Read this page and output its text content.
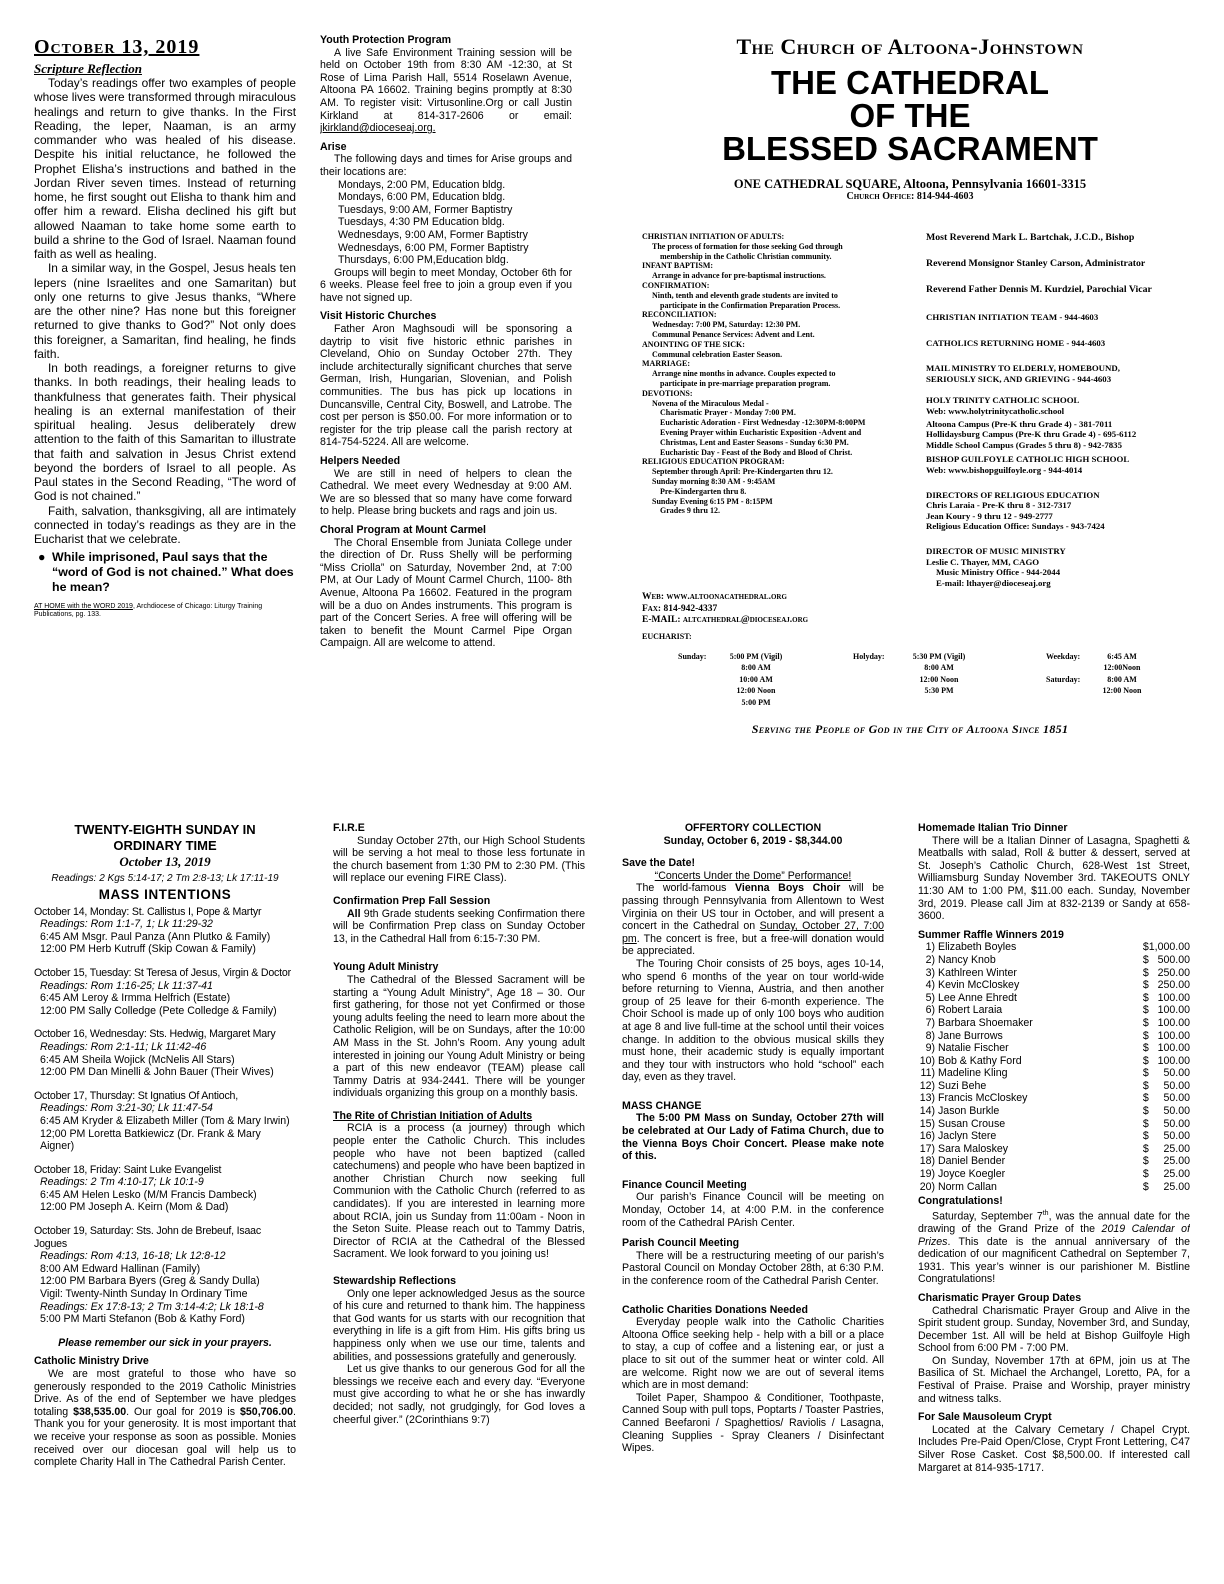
October 13, 2019
Scripture Reflection

Today’s readings offer two examples of people whose lives were transformed through miraculous healings and return to give thanks. In the First Reading, the leper, Naaman, is an army commander who was healed of his disease. Despite his initial reluctance, he followed the Prophet Elisha’s instructions and bathed in the Jordan River seven times. Instead of returning home, he first sought out Elisha to thank him and offer him a reward. Elisha declined his gift but allowed Naaman to take home some earth to build a shrine to the God of Israel. Naaman found faith as well as healing.

In a similar way, in the Gospel, Jesus heals ten lepers (nine Israelites and one Samaritan) but only one returns to give Jesus thanks, “Where are the other nine? Has none but this foreigner returned to give thanks to God?” Not only does this foreigner, a Samaritan, find healing, he finds faith.

In both readings, a foreigner returns to give thanks. In both readings, their healing leads to thankfulness that generates faith. Their physical healing is an external manifestation of their spiritual healing. Jesus deliberately drew attention to the faith of this Samaritan to illustrate that faith and salvation in Jesus Christ extend beyond the borders of Israel to all people. As Paul states in the Second Reading, “The word of God is not chained.”

Faith, salvation, thanksgiving, all are intimately connected in today’s readings as they are in the Eucharist that we celebrate.

● While imprisoned, Paul says that the “word of God is not chained.” What does he mean?
AT HOME with the WORD 2019, Archdiocese of Chicago: Liturgy Training Publications, pg. 133.
Youth Protection Program

A live Safe Environment Training session will be held on October 19th from 8:30 AM -12:30, at St Rose of Lima Parish Hall, 5514 Roselawn Avenue, Altoona PA 16602. Training begins promptly at 8:30 AM. To register visit: Virtusonline.Org or call Justin Kirkland at 814-317-2606 or email: jkirkland@dioceseaj.org.

Arise

The following days and times for Arise groups and their locations are:

Mondays, 2:00 PM, Education bldg.
Mondays, 6:00 PM, Education bldg.
Tuesdays, 9:00 AM, Former Baptistry
Tuesdays, 4:30 PM Education bldg.
Wednesdays, 9:00 AM, Former Baptistry
Wednesdays, 6:00 PM, Former Baptistry
Thursdays, 6:00 PM,Education bldg.

Groups will begin to meet Monday, October 6th for 6 weeks. Please feel free to join a group even if you have not signed up.

Visit Historic Churches

Father Aron Maghsoudi will be sponsoring a daytrip to visit five historic ethnic parishes in Cleveland, Ohio on Sunday October 27th. They include architecturally significant churches that serve German, Irish, Hungarian, Slovenian, and Polish communities. The bus has pick up locations in Duncansville, Central City, Boswell, and Latrobe. The cost per person is $50.00. For more information or to register for the trip please call the parish rectory at 814-754-5224. All are welcome.

Helpers Needed

We are still in need of helpers to clean the Cathedral. We meet every Wednesday at 9:00 AM. We are so blessed that so many have come forward to help. Please bring buckets and rags and join us.

Choral Program at Mount Carmel

The Choral Ensemble from Juniata College under the direction of Dr. Russ Shelly will be performing “Miss Criolla” on Saturday, November 2nd, at 7:00 PM, at Our Lady of Mount Carmel Church, 1100- 8th Avenue, Altoona Pa 16602. Featured in the program will be a duo on Andes instruments. This program is part of the Concert Series. A free will offering will be taken to benefit the Mount Carmel Pipe Organ Campaign. All are welcome to attend.

The Church of Altoona-Johnstown
THE CATHEDRAL
OF THE
BLESSED SACRAMENT
ONE CATHEDRAL SQUARE, Altoona, Pennsylvania 16601-3315
Church Office: 814-944-4603
CHRISTIAN INITIATION OF ADULTS:
The process of formation for those seeking God through
membership in the Catholic Christian community.
INFANT BAPTISM:
Arrange in advance for pre-baptismal instructions.
CONFIRMATION:
Ninth, tenth and eleventh grade students are invited to
participate in the Confirmation Preparation Process.
RECONCILIATION:
Wednesday: 7:00 PM, Saturday: 12:30 PM.
Communal Penance Services: Advent and Lent.
ANOINTING OF THE SICK:
Communal celebration Easter Season.
MARRIAGE:
Arrange nine months in advance. Couples expected to
participate in pre-marriage preparation program.
DEVOTIONS:
Novena of the Miraculous Medal -
Charismatic Prayer - Monday 7:00 PM.
Eucharistic Adoration - First Wednesday -12:30PM-8:00PM
Evening Prayer within Eucharistic Exposition -Advent and
Christmas, Lent and Easter Seasons - Sunday 6:30 PM.
Eucharistic Day - Feast of the Body and Blood of Christ.
RELIGIOUS EDUCATION PROGRAM:
September through April: Pre-Kindergarten thru 12.
Sunday morning 8:30 AM - 9:45AM
Pre-Kindergarten thru 8.
Sunday Evening 6:15 PM - 8:15PM
Grades 9 thru 12.
Web: www.altoonacathedral.org
Fax: 814-942-4337
E-MAIL: altcathedral@dioceseaj.org
Most Reverend Mark L. Bartchak, J.C.D., Bishop
Reverend Monsignor Stanley Carson, Administrator
Reverend Father Dennis M. Kurdziel, Parochial Vicar
CHRISTIAN INITIATION TEAM - 944-4603
CATHOLICS RETURNING HOME - 944-4603
MAIL MINISTRY TO ELDERLY, HOMEBOUND,
SERIOUSLY SICK, AND GRIEVING - 944-4603
HOLY TRINITY CATHOLIC SCHOOL
Web: www.holytrinitycatholic.school
Altoona Campus (Pre-K thru Grade 4) - 381-7011
Hollidaysburg Campus (Pre-K thru Grade 4) - 695-6112
Middle School Campus (Grades 5 thru 8) - 942-7835
BISHOP GUILFOYLE CATHOLIC HIGH SCHOOL
Web: www.bishopguilfoyle.org - 944-4014
DIRECTORS OF RELIGIOUS EDUCATION
Chris Laraia - Pre-K thru 8 - 312-7317
Jean Koury - 9 thru 12 - 949-2777
Religious Education Office: Sundays - 943-7424
DIRECTOR OF MUSIC MINISTRY
Leslie C. Thayer, MM, CAGO
Music Ministry Office - 944-2044
E-mail: lthayer@dioceseaj.org
EUCHARIST:
Sunday:	5:00 PM (Vigil)
8:00 AM
10:00 AM
12:00 Noon
5:00 PM
Holyday:	5:30 PM (Vigil)
8:00 AM
12:00 Noon
5:30 PM
Weekday:	6:45 AM
12:00Noon
Saturday:	8:00 AM
12:00 Noon
Serving the People of God in the City of Altoona Since 1851
TWENTY-EIGHTH SUNDAY IN ORDINARY TIME
October 13, 2019
Readings: 2 Kgs 5:14-17; 2 Tm 2:8-13; Lk 17:11-19
MASS INTENTIONS
October 14, Monday: St. Callistus I, Pope & Martyr
Readings: Rom 1:1-7, 1; Lk 11:29-32
6:45 AM Msgr. Paul Panza (Ann Plutko & Family)
12:00 PM Herb Kutruff (Skip Cowan & Family)
October 15, Tuesday: St Teresa of Jesus, Virgin & Doctor
Readings: Rom 1:16-25; Lk 11:37-41
6:45 AM Leroy & Irmma Helfrich (Estate)
12:00 PM Sally Colledge (Pete Colledge & Family)
October 16, Wednesday: Sts. Hedwig, Margaret Mary
Readings: Rom 2:1-11; Lk 11:42-46
6:45 AM Sheila Wojick (McNelis All Stars)
12:00 PM Dan Minelli & John Bauer (Their Wives)
October 17, Thursday: St Ignatius Of Antioch,
Readings: Rom 3:21-30; Lk 11:47-54
6:45 AM Kryder & Elizabeth Miller (Tom & Mary Irwin)
12;00 PM Loretta Batkiewicz (Dr. Frank & Mary Aigner)
October 18, Friday: Saint Luke Evangelist
Readings: 2 Tm 4:10-17; Lk 10:1-9
6:45 AM Helen Lesko (M/M Francis Dambeck)
12:00 PM Joseph A. Keirn (Mom & Dad)
October 19, Saturday: Sts. John de Brebeuf, Isaac Jogues
Readings: Rom 4:13, 16-18; Lk 12:8-12
8:00 AM Edward Hallinan (Family)
12:00 PM Barbara Byers (Greg & Sandy Dulla)
Vigil: Twenty-Ninth Sunday In Ordinary Time
Readings: Ex 17:8-13; 2 Tm 3:14-4:2; Lk 18:1-8
5:00 PM Marti Stefanon (Bob & Kathy Ford)
Please remember our sick in your prayers.
Catholic Ministry Drive

We are most grateful to those who have so generously responded to the 2019 Catholic Ministries Drive. As of the end of September we have pledges totaling $38,535.00. Our goal for 2019 is $50,706.00. Thank you for your generosity. It is most important that we receive your response as soon as possible. Monies received over our diocesan goal will help us to complete Charity Hall in The Cathedral Parish Center.

F.I.R.E

Sunday October 27th, our High School Students will be serving a hot meal to those less fortunate in the church basement from 1:30 PM to 2:30 PM. (This will replace our evening FIRE Class).

Confirmation Prep Fall Session

All 9th Grade students seeking Confirmation there will be Confirmation Prep class on Sunday October 13, in the Cathedral Hall from 6:15-7:30 PM.

Young Adult Ministry

The Cathedral of the Blessed Sacrament will be starting a “Young Adult Ministry”, Age 18 – 30. Our first gathering, for those not yet Confirmed or those young adults feeling the need to learn more about the Catholic Religion, will be on Sundays, after the 10:00 AM Mass in the St. John’s Room. Any young adult interested in joining our Young Adult Ministry or being a part of this new endeavor (TEAM) please call Tammy Datris at 934-2441. There will be younger individuals organizing this group on a monthly basis.

The Rite of Christian Initiation of Adults

RCIA is a process (a journey) through which people enter the Catholic Church. This includes people who have not been baptized (called catechumens) and people who have been baptized in another Christian Church now seeking full Communion with the Catholic Church (referred to as candidates). If you are interested in learning more about RCIA, join us Sunday from 11:00am - Noon in the Seton Suite. Please reach out to Tammy Datris, Director of RCIA at the Cathedral of the Blessed Sacrament. We look forward to you joining us!

Stewardship Reflections

Only one leper acknowledged Jesus as the source of his cure and returned to thank him. The happiness that God wants for us starts with our recognition that everything in life is a gift from Him. His gifts bring us happiness only when we use our time, talents and abilities, and possessions gratefully and generously.

Let us give thanks to our generous God for all the blessings we receive each and every day. “Everyone must give according to what he or she has inwardly decided; not sadly, not grudgingly, for God loves a cheerful giver.” (2Corinthians 9:7)

OFFERTORY COLLECTION
Sunday, October 6, 2019 - $8,344.00
Save the Date!
“Concerts Under the Dome” Performance!

The world-famous Vienna Boys Choir will be passing through Pennsylvania from Allentown to West Virginia on their US tour in October, and will present a concert in the Cathedral on Sunday, October 27, 7:00 pm. The concert is free, but a free-will donation would be appreciated.

The Touring Choir consists of 25 boys, ages 10-14, who spend 6 months of the year on tour world-wide before returning to Vienna, Austria, and then another group of 25 leave for their 6-month experience. The Choir School is made up of only 100 boys who audition at age 8 and live full-time at the school until their voices change. In addition to the obvious musical skills they must hone, their academic study is equally important and they tour with instructors who hold “school” each day, even as they travel.

MASS CHANGE

The 5:00 PM Mass on Sunday, October 27th will be celebrated at Our Lady of Fatima Church, due to the Vienna Boys Choir Concert. Please make note of this.

Finance Council Meeting

Our parish’s Finance Council will be meeting on Monday, October 14, at 4:00 P.M. in the conference room of the Cathedral PArish Center.

Parish Council Meeting

There will be a restructuring meeting of our parish’s Pastoral Council on Monday October 28th, at 6:30 P.M. in the conference room of the Cathedral Parish Center.

Catholic Charities Donations Needed

Everyday people walk into the Catholic Charities Altoona Office seeking help - help with a bill or a place to stay, a cup of coffee and a listening ear, or just a place to sit out of the summer heat or winter cold. All are welcome. Right now we are out of several items which are in most demand:

Toilet Paper, Shampoo & Conditioner, Toothpaste, Canned Soup with pull tops, Poptarts / Toaster Pastries, Canned Beefaroni / Spaghettios/ Raviolis / Lasagna, Cleaning Supplies - Spray Cleaners / Disinfectant Wipes.

Homemade Italian Trio Dinner

There will be a Italian Dinner of Lasagna, Spaghetti & Meatballs with salad, Roll & butter & dessert, served at St. Joseph’s Catholic Church, 628-West 1st Street, Williamsburg Sunday November 3rd. TAKEOUTS ONLY 11:30 AM to 1:00 PM, $11.00 each. Sunday, November 3rd, 2019. Please call Jim at 832-2139 or Sandy at 658-3600.

Summer Raffle Winners 2019
1)	Elizabeth Boyles	$1,000.00
2)	Nancy Knob	$   500.00
3)	Kathlreen Winter	$   250.00
4)	Kevin McCloskey	$   250.00
5)	Lee Anne Ehredt	$   100.00
6)	Robert Laraia	$   100.00
7)	Barbara Shoemaker	$   100.00
8)	Jane Burrows	$   100.00
9)	Natalie Fischer	$   100.00
10)	Bob & Kathy Ford	$   100.00
11)	Madeline Kling	$     50.00
12)	Suzi Behe	$     50.00
13)	Francis McCloskey	$     50.00
14)	Jason Burkle	$     50.00
15)	Susan Crouse	$     50.00
16)	Jaclyn Stere	$     50.00
17)	Sara Maloskey	$     25.00
18)	Daniel Bender	$     25.00
19)	Joyce Koegler	$     25.00
20)	Norm Callan	$     25.00
Congratulations!

Saturday, September 7th, was the annual date for the drawing of the Grand Prize of the 2019 Calendar of Prizes. This date is the annual anniversary of the dedication of our magnificent Cathedral on September 7, 1931. This year’s winner is our parishioner M. Bistline Congratulations!

Charismatic Prayer Group Dates

Cathedral Charismatic Prayer Group and Alive in the Spirit student group. Sunday, November 3rd, and Sunday, December 1st. All will be held at Bishop Guilfoyle High School from 6:00 PM - 7:00 PM.

On Sunday, November 17th at 6PM, join us at The Basilica of St. Michael the Archangel, Loretto, PA, for a Festival of Praise. Praise and Worship, prayer ministry and witness talks.

For Sale Mausoleum Crypt

Located at the Calvary Cemetary / Chapel Crypt. Includes Pre-Paid Open/Close, Crypt Front Lettering, C47 Silver Rose Casket. Cost $8,500.00. If interested call Margaret at 814-935-1717.
